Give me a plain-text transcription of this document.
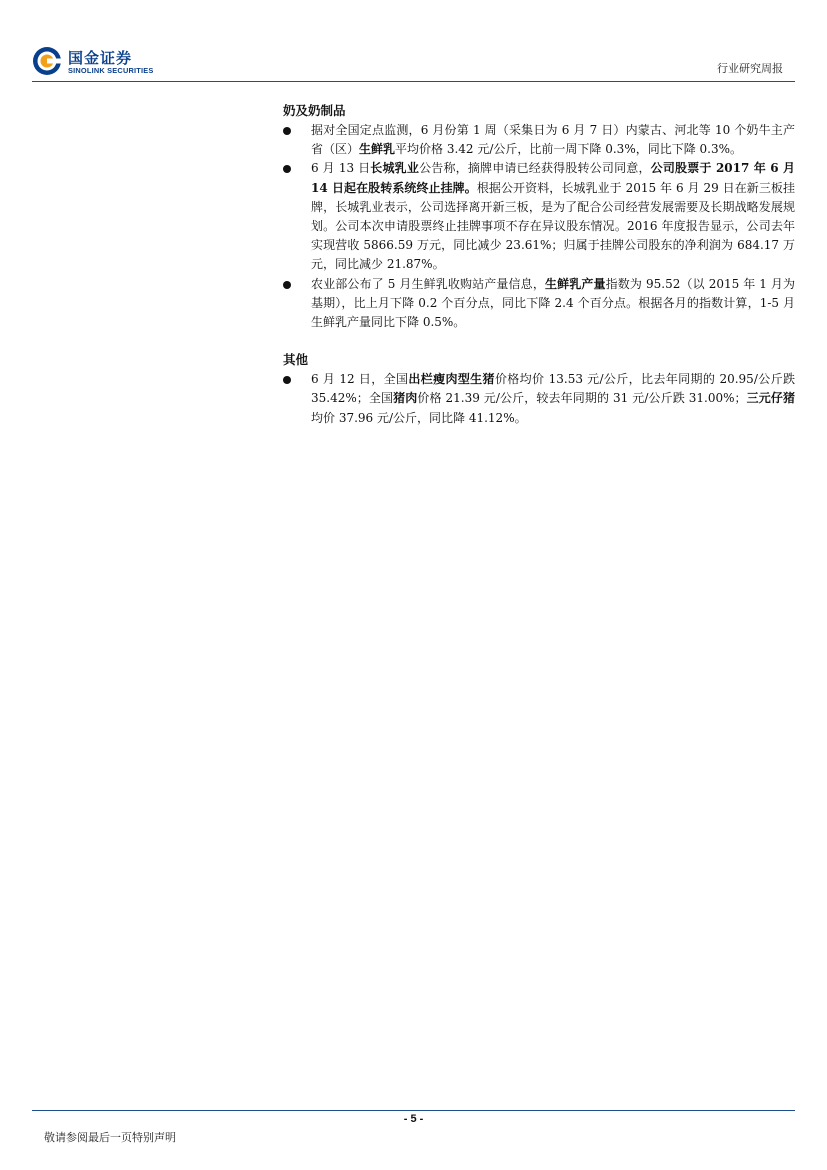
国金证券
SINOLINK SECURITIES	行业研究周报
奶及奶制品
据对全国定点监测，6 月份第 1 周（采集日为 6 月 7 日）内蒙古、河北等 10 个奶牛主产省（区）生鲜乳平均价格 3.42 元/公斤，比前一周下降 0.3%，同比下降 0.3%。
6 月 13 日长城乳业公告称，摘牌申请已经获得股转公司同意，公司股票于 2017 年 6 月 14 日起在股转系统终止挂牌。根据公开资料，长城乳业于 2015 年 6 月 29 日在新三板挂牌，长城乳业表示，公司选择离开新三板，是为了配合公司经营发展需要及长期战略发展规划。公司本次申请股票终止挂牌事项不存在异议股东情况。2016 年度报告显示，公司去年实现营收 5866.59 万元，同比减少 23.61%；归属于挂牌公司股东的净利润为 684.17 万元，同比减少 21.87%。
农业部公布了 5 月生鲜乳收购站产量信息，生鲜乳产量指数为 95.52（以 2015 年 1 月为基期），比上月下降 0.2 个百分点，同比下降 2.4 个百分点。根据各月的指数计算，1-5 月生鲜乳产量同比下降 0.5%。
其他
6 月 12 日，全国出栏瘦肉型生猪价格均价 13.53 元/公斤，比去年同期的 20.95/公斤跌 35.42%；全国猪肉价格 21.39 元/公斤，较去年同期的 31 元/公斤跌 31.00%；三元仔猪均价 37.96 元/公斤，同比降 41.12%。
- 5 -
敬请参阅最后一页特别声明
